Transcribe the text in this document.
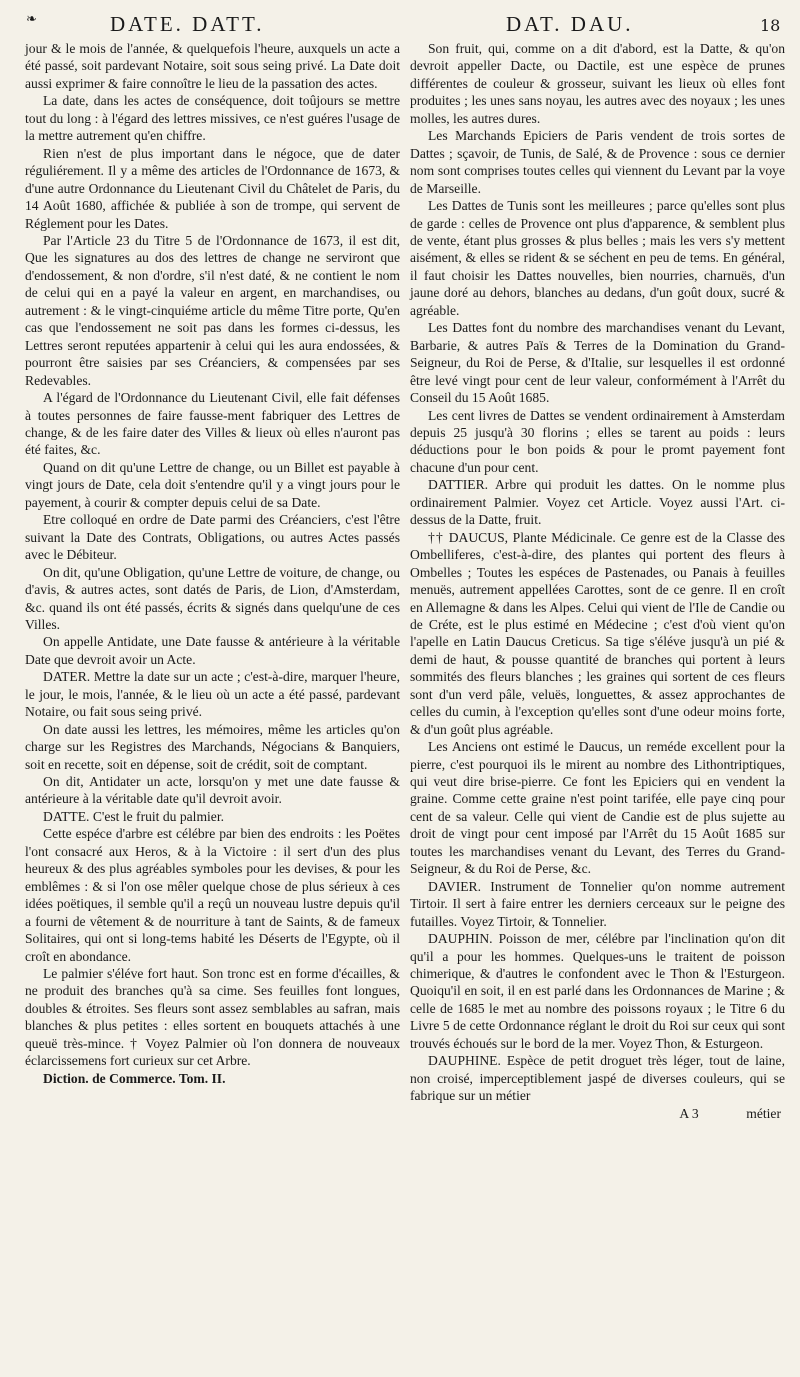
❧	DATE. DATT.	DAT. DAU.	18

jour & le mois de l'année, & quelquefois l'heure, auxquels un acte a été passé, soit pardevant Notaire, soit sous seing privé. La Date doit aussi exprimer & faire connoître le lieu de la passation des actes.

La date, dans les actes de conséquence, doit toûjours se mettre tout du long : à l'égard des lettres missives, ce n'est guéres l'usage de la mettre autrement qu'en chiffre.

Rien n'est de plus important dans le négoce, que de dater réguliérement. Il y a même des articles de l'Ordonnance de 1673, & d'une autre Ordonnance du Lieutenant Civil du Châtelet de Paris, du 14 Août 1680, affichée & publiée à son de trompe, qui servent de Réglement pour les Dates.

Par l'Article 23 du Titre 5 de l'Ordonnance de 1673, il est dit, Que les signatures au dos des lettres de change ne serviront que d'endossement, & non d'ordre, s'il n'est daté, & ne contient le nom de celui qui en a payé la valeur en argent, en marchandises, ou autrement : & le vingt-cinquiéme article du même Titre porte, Qu'en cas que l'endossement ne soit pas dans les formes ci-dessus, les Lettres seront reputées appartenir à celui qui les aura endossées, & pourront être saisies par ses Créanciers, & compensées par ses Redevables.

A l'égard de l'Ordonnance du Lieutenant Civil, elle fait défenses à toutes personnes de faire fausse-ment fabriquer des Lettres de change, & de les faire dater des Villes & lieux où elles n'auront pas été faites, &c.

Quand on dit qu'une Lettre de change, ou un Billet est payable à vingt jours de Date, cela doit s'entendre qu'il y a vingt jours pour le payement, à courir & compter depuis celui de sa Date.

Etre colloqué en ordre de Date parmi des Créanciers, c'est l'être suivant la Date des Contrats, Obligations, ou autres Actes passés avec le Débiteur.

On dit, qu'une Obligation, qu'une Lettre de voiture, de change, ou d'avis, & autres actes, sont datés de Paris, de Lion, d'Amsterdam, &c. quand ils ont été passés, écrits & signés dans quelqu'une de ces Villes.

On appelle Antidate, une Date fausse & antérieure à la véritable Date que devroit avoir un Acte.

DATER. Mettre la date sur un acte ; c'est-à-dire, marquer l'heure, le jour, le mois, l'année, & le lieu où un acte a été passé, pardevant Notaire, ou fait sous seing privé.

On date aussi les lettres, les mémoires, même les articles qu'on charge sur les Registres des Marchands, Négocians & Banquiers, soit en recette, soit en dépense, soit de crédit, soit de comptant.

On dit, Antidater un acte, lorsqu'on y met une date fausse & antérieure à la véritable date qu'il devroit avoir.

DATTE. C'est le fruit du palmier.

Cette espéce d'arbre est célébre par bien des endroits : les Poëtes l'ont consacré aux Heros, & à la Victoire : il sert d'un des plus heureux & des plus agréables symboles pour les devises, & pour les emblêmes : & si l'on ose mêler quelque chose de plus sérieux à ces idées poëtiques, il semble qu'il a reçû un nouveau lustre depuis qu'il a fourni de vêtement & de nourriture à tant de Saints, & de fameux Solitaires, qui ont si long-tems habité les Déserts de l'Egypte, où il croît en abondance.

Le palmier s'éléve fort haut. Son tronc est en forme d'écailles, & ne produit des branches qu'à sa cime. Ses feuilles font longues, doubles & étroites. Ses fleurs sont assez semblables au safran, mais blanches & plus petites : elles sortent en bouquets attachés à une queuë très-mince. † Voyez Palmier où l'on donnera de nouveaux éclarcissemens fort curieux sur cet Arbre.

Diction. de Commerce. Tom. II.

Son fruit, qui, comme on a dit d'abord, est la Datte, & qu'on devroit appeller Dacte, ou Dactile, est une espèce de prunes différentes de couleur & grosseur, suivant les lieux où elles font produites ; les unes sans noyau, les autres avec des noyaux ; les unes molles, les autres dures.

Les Marchands Epiciers de Paris vendent de trois sortes de Dattes ; sçavoir, de Tunis, de Salé, & de Provence : sous ce dernier nom sont comprises toutes celles qui viennent du Levant par la voye de Marseille.

Les Dattes de Tunis sont les meilleures ; parce qu'elles sont plus de garde : celles de Provence ont plus d'apparence, & semblent plus de vente, étant plus grosses & plus belles ; mais les vers s'y mettent aisément, & elles se rident & se séchent en peu de tems. En général, il faut choisir les Dattes nouvelles, bien nourries, charnuës, d'un jaune doré au dehors, blanches au dedans, d'un goût doux, sucré & agréable.

Les Dattes font du nombre des marchandises venant du Levant, Barbarie, & autres Païs & Terres de la Domination du Grand-Seigneur, du Roi de Perse, & d'Italie, sur lesquelles il est ordonné être levé vingt pour cent de leur valeur, conformément à l'Arrêt du Conseil du 15 Août 1685.

Les cent livres de Dattes se vendent ordinairement à Amsterdam depuis 25 jusqu'à 30 florins ; elles se tarent au poids : leurs déductions pour le bon poids & pour le promt payement font chacune d'un pour cent.

DATTIER. Arbre qui produit les dattes. On le nomme plus ordinairement Palmier. Voyez cet Article. Voyez aussi l'Art. ci-dessus de la Datte, fruit.

†† DAUCUS, Plante Médicinale. Ce genre est de la Classe des Ombelliferes, c'est-à-dire, des plantes qui portent des fleurs à Ombelles ; Toutes les espéces de Pastenades, ou Panais à feuilles menuës, autrement appellées Carottes, sont de ce genre. Il en croît en Allemagne & dans les Alpes. Celui qui vient de l'Ile de Candie ou de Créte, est le plus estimé en Médecine ; c'est d'où vient qu'on l'apelle en Latin Daucus Creticus. Sa tige s'éléve jusqu'à un pié & demi de haut, & pousse quantité de branches qui portent à leurs sommités des fleurs blanches ; les graines qui sortent de ces fleurs sont d'un verd pâle, veluës, longuettes, & assez approchantes de celles du cumin, à l'exception qu'elles sont d'une odeur moins forte, & d'un goût plus agréable.

Les Anciens ont estimé le Daucus, un reméde excellent pour la pierre, c'est pourquoi ils le mirent au nombre des Lithontriptiques, qui veut dire brise-pierre. Ce font les Epiciers qui en vendent la graine. Comme cette graine n'est point tarifée, elle paye cinq pour cent de sa valeur. Celle qui vient de Candie est de plus sujette au droit de vingt pour cent imposé par l'Arrêt du 15 Août 1685 sur toutes les marchandises venant du Levant, des Terres du Grand-Seigneur, & du Roi de Perse, &c.

DAVIER. Instrument de Tonnelier qu'on nomme autrement Tirtoir. Il sert à faire entrer les derniers cerceaux sur le peigne des futailles. Voyez Tirtoir, & Tonnelier.

DAUPHIN. Poisson de mer, célébre par l'inclination qu'on dit qu'il a pour les hommes. Quelques-uns le traitent de poisson chimerique, & d'autres le confondent avec le Thon & l'Esturgeon. Quoiqu'il en soit, il en est parlé dans les Ordonnances de Marine ; & celle de 1685 le met au nombre des poissons royaux ; le Titre 6 du Livre 5 de cette Ordonnance réglant le droit du Roi sur ceux qui sont trouvés échoués sur le bord de la mer. Voyez Thon, & Esturgeon.

DAUPHINE. Espèce de petit droguet très léger, tout de laine, non croisé, imperceptiblement jaspé de diverses couleurs, qui se fabrique sur un métier

A 3	métier
